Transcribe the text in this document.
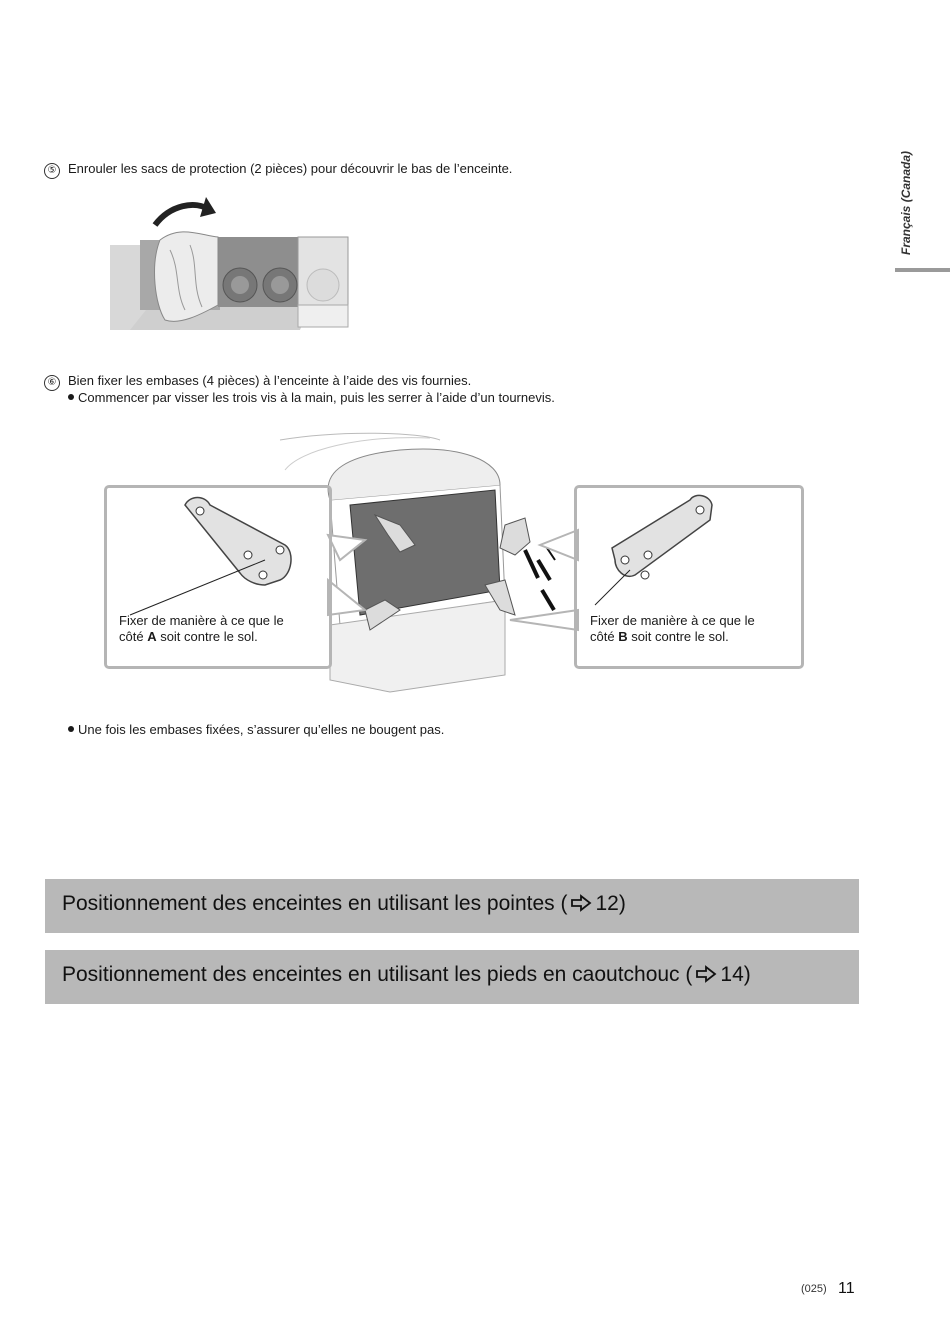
Français (Canada)
⑤ Enrouler les sacs de protection (2 pièces) pour découvrir le bas de l’enceinte.
⑥ Bien fixer les embases (4 pièces) à l’enceinte à l’aide des vis fournies.
Commencer par visser les trois vis à la main, puis les serrer à l’aide d’un tournevis.
Fixer de manière à ce que le
côté A soit contre le sol.
Fixer de manière à ce que le
côté B soit contre le sol.
Une fois les embases fixées, s’assurer qu’elles ne bougent pas.
Positionnement des enceintes en utilisant les pointes ( 12)
Positionnement des enceintes en utilisant les pieds en caoutchouc ( 14)
(025) 11
